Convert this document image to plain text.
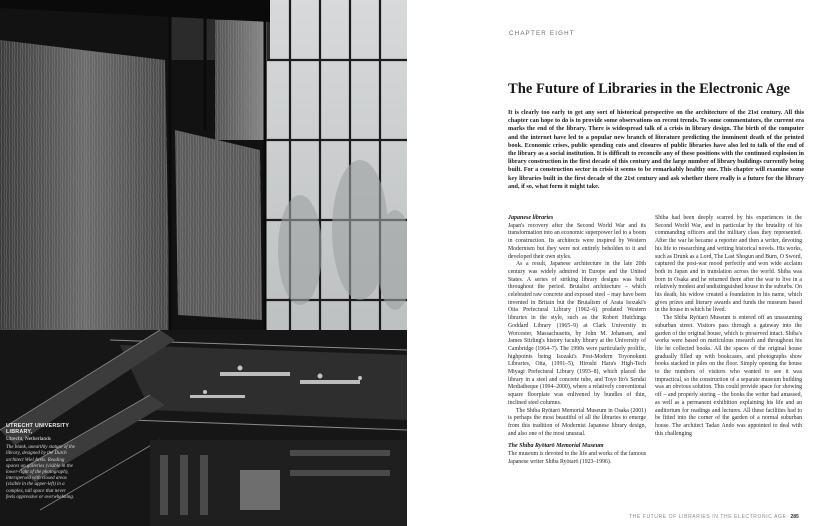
UTRECHT UNIVERSITY LIBRARY,

Utrecht, Netherlands

The blank, unearthly stature of the library, designed by the Dutch architect Wiel Arets. Reading spaces on galleries (visible in the lower-right of the photograph), interspersed with closed areas (visible in the upper-left) in a complex, tall space that never feels oppressive or overwhelming.

CHAPTER EIGHT
The Future of Libraries in the Electronic Age

It is clearly too early to get any sort of historical perspective on the architecture of the 21st century. All this chapter can hope to do is to provide some observations on recent trends. To some commentators, the current era marks the end of the library. There is widespread talk of a crisis in library design. The birth of the computer and the internet have led to a popular new branch of literature predicting the imminent death of the printed book. Economic crises, public spending cuts and closures of public libraries have also led to talk of the end of the library as a social institution. It is difficult to reconcile any of these positions with the continued explosion in library construction in the first decade of this century and the large number of library buildings currently being built. For a construction sector in crisis it seems to be remarkably healthy one. This chapter will examine some key libraries built in the first decade of the 21st century and ask whether there really is a future for the library and, if so, what form it might take.

Japanese libraries

Japan's recovery after the Second World War and its transformation into an economic superpower led to a boom in construction. Its architects were inspired by Western Modernism but they were not entirely beholden to it and developed their own styles.

As a result, Japanese architecture in the late 20th century was widely admired in Europe and the United States. A series of striking library designs was built throughout the period. Brutalist architecture – which celebrated raw concrete and exposed steel – may have been invented in Britain but the Brutalism of Arata Isozaki's Oita Prefectural Library (1962–6) predated Western libraries in the style, such as the Robert Hutchings Goddard Library (1965–9) at Clark University in Worcester, Massachusetts, by John M. Johansen, and James Stirling's history faculty library at the University of Cambridge (1964–7). The 1990s were particularly prolific, highpoints being Isozaki's Post-Modern Toyonokuni Libraries, Oita, (1991–5), Hiroshi Hara's High-Tech Miyagi Prefectural Library (1993–8), which placed the library in a steel and concrete tube, and Toyo Ito's Sendai Mediatheque (1994–2000), where a relatively conventional square floorplate was enlivened by bundles of thin, inclined steel columns.

The Shiba Ryōtarō Memorial Museum in Osaka (2001) is perhaps the most beautiful of all the libraries to emerge from this tradition of Modernist Japanese library design, and also one of the most unusual.

The Shiba Ryōtarō Memorial Museum

The museum is devoted to the life and works of the famous Japanese writer Shiba Ryōtarō (1923–1996).

Shiba had been deeply scarred by his experiences in the Second World War, and in particular by the brutality of his commanding officers and the military class they represented. After the war he became a reporter and then a writer, devoting his life to researching and writing historical novels. His works, such as Drunk as a Lord, The Last Shogun and Burn, O Sword, captured the post-war mood perfectly and won wide acclaim both in Japan and in translation across the world. Shiba was born in Osaka and he returned there after the war to live in a relatively modest and undistinguished house in the suburbs. On his death, his widow created a foundation in his name, which gives prizes and literary awards and funds the museum based in the house in which he lived.

The Shiba Ryōtarō Museum is entered off an unassuming suburban street. Visitors pass through a gateway into the garden of the original house, which is preserved intact. Shiba's works were based on meticulous research and throughout his life he collected books. All the spaces of the original house gradually filled up with bookcases, and photographs show books stacked in piles on the floor. Simply opening the house to the numbers of visitors who wanted to see it was impractical, so the construction of a separate museum building was an obvious solution. This could provide space for showing off – and properly storing – the books the writer had amassed, as well as a permanent exhibition explaining his life and an auditorium for readings and lectures. All these facilities had to be fitted into the corner of the garden of a normal suburban house. The architect Tadao Ando was appointed to deal with this challenging

THE FUTURE OF LIBRARIES IN THE ELECTRONIC AGE 285
